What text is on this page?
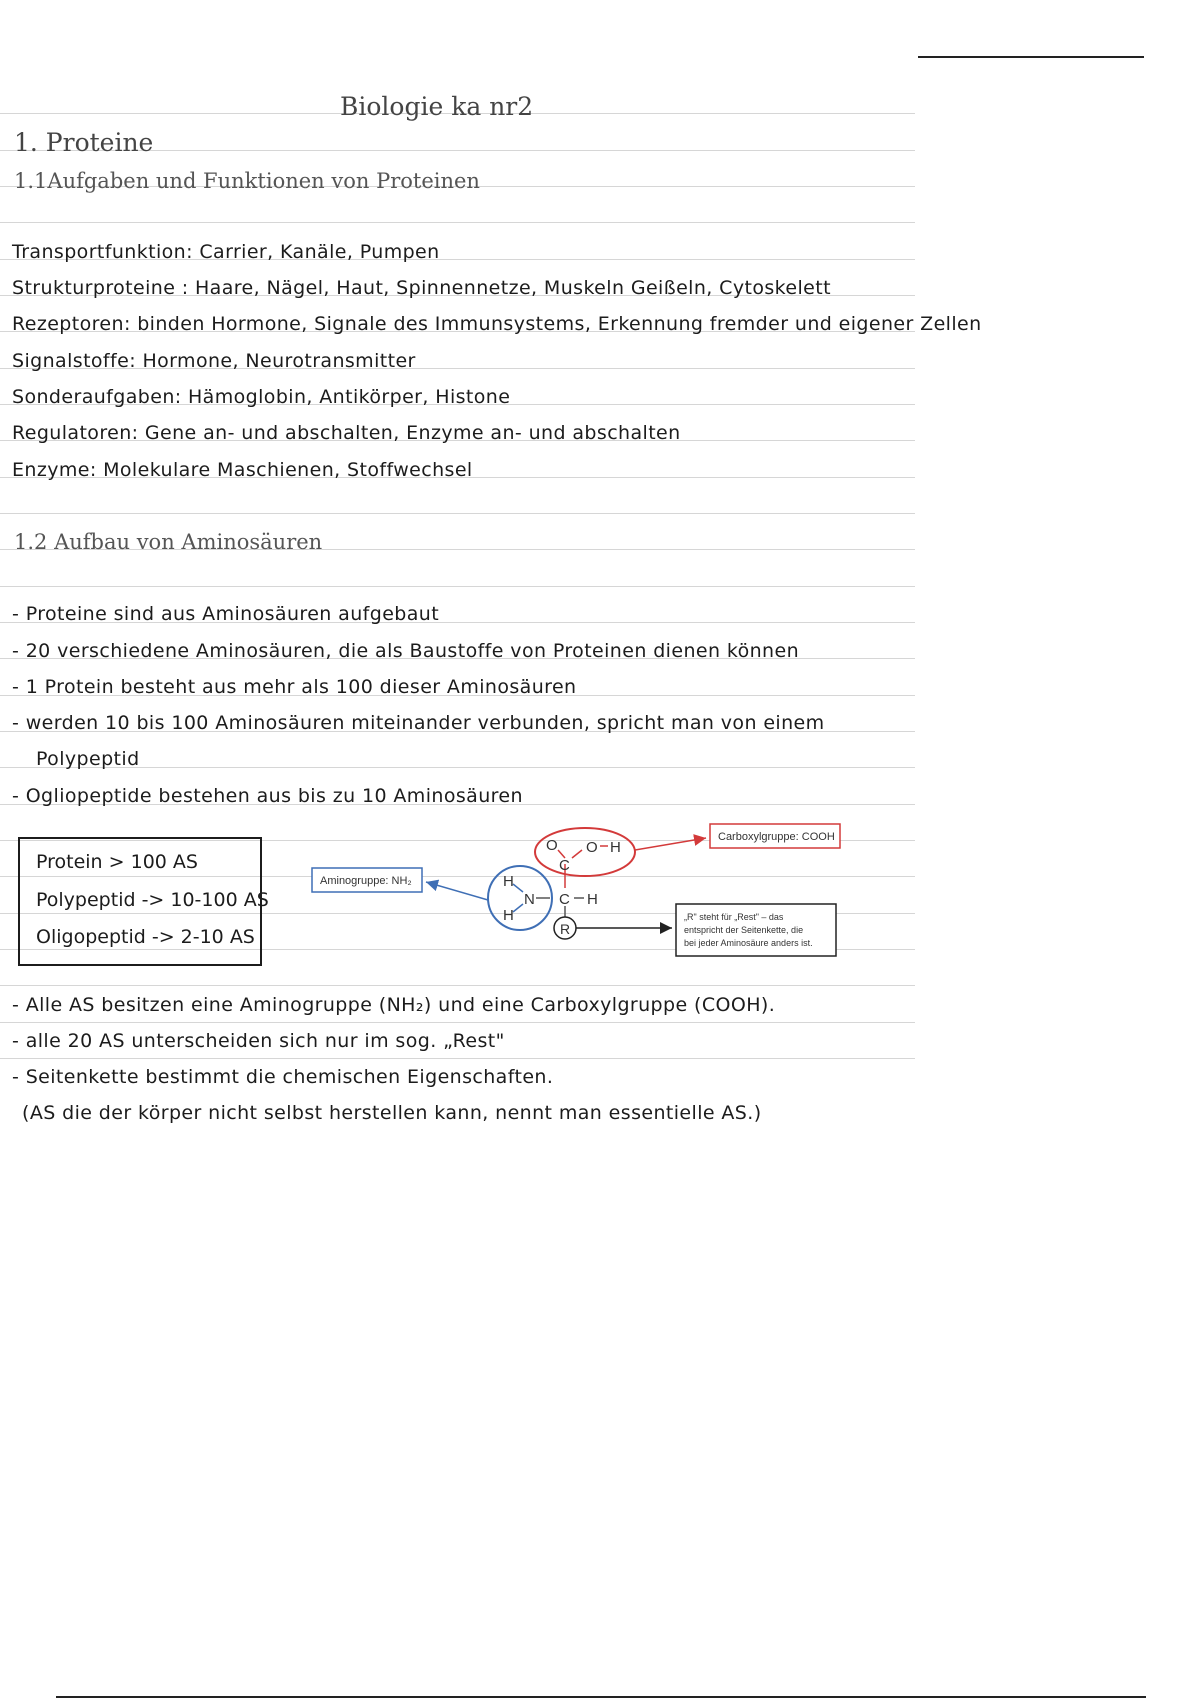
Biologie ka nr2
1. Proteine
1.1Aufgaben und Funktionen von Proteinen
Transportfunktion: Carrier, Kanäle, Pumpen
Strukturproteine : Haare, Nägel, Haut, Spinnennetze, Muskeln Geißeln, Cytoskelett
Rezeptoren: binden Hormone, Signale des Immunsystems, Erkennung fremder und eigener Zellen
Signalstoffe: Hormone, Neurotransmitter
Sonderaufgaben: Hämoglobin, Antikörper, Histone
Regulatoren: Gene an- und abschalten, Enzyme an- und abschalten
Enzyme: Molekulare Maschienen, Stoffwechsel
1.2 Aufbau von Aminosäuren
- Proteine sind aus Aminosäuren aufgebaut
- 20 verschiedene Aminosäuren, die als Baustoffe von Proteinen dienen können
- 1 Protein besteht aus mehr als 100 dieser Aminosäuren
- werden 10 bis 100 Aminosäuren miteinander verbunden, spricht man von einem
Polypeptid
- Ogliopeptide bestehen aus bis zu 10 Aminosäuren
Protein > 100 AS
Polypeptid -> 10-100 AS
Oligopeptid -> 2-10 AS
Aminogruppe: NH₂
Carboxylgruppe: COOH
„R" steht für „Rest" – das
entspricht der Seitenkette, die
bei jeder Aminosäure anders ist.
O
C
O H
H
N
H
C H
R
- Alle AS besitzen eine Aminogruppe (NH₂) und eine Carboxylgruppe (COOH).
- alle 20 AS unterscheiden sich nur im sog. „Rest"
- Seitenkette bestimmt die chemischen Eigenschaften.
(AS die der körper nicht selbst herstellen kann, nennt man essentielle AS.)
